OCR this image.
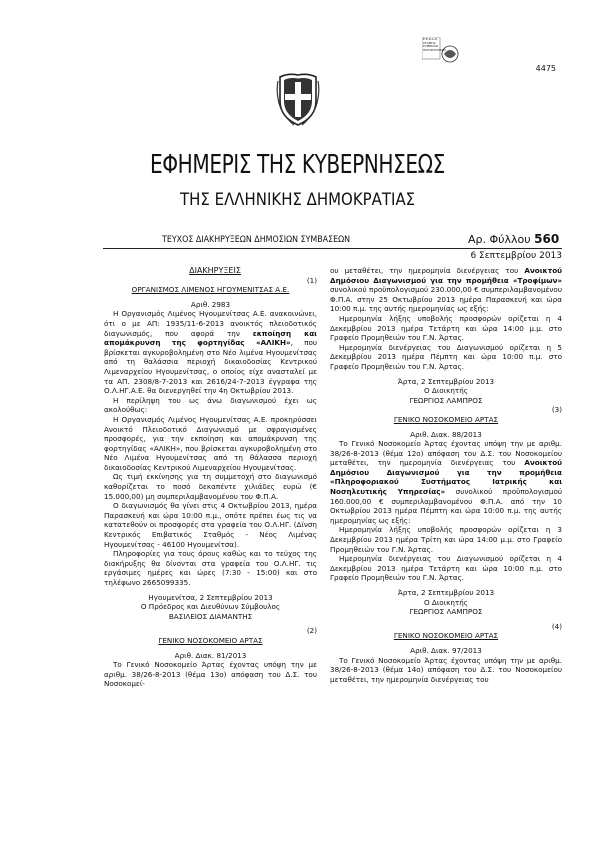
Ε.Ε.Κ.Α.Π.
ΣΤΑΜΠΑ
ΣΥΜΒΟΛΟ
ΠΙΣΤΟΠΟΙΗΣΗΣ
4475
ΕΦΗΜΕΡΙΣ ΤΗΣ ΚΥΒΕΡΝΗΣΕΩΣ
ΤΗΣ ΕΛΛΗΝΙΚΗΣ ΔΗΜΟΚΡΑΤΙΑΣ
ΤΕΥΧΟΣ ΔΙΑΚΗΡΥΞΕΩΝ ΔΗΜΟΣΙΩΝ ΣΥΜΒΑΣΕΩΝ	Αρ. Φύλλου 560
6 Σεπτεμβρίου 2013

ΔΙΑΚΗΡΥΞΕΙΣ

(1)

ΟΡΓΑΝΙΣΜΟΣ ΛΙΜΕΝΟΣ ΗΓΟΥΜΕΝΙΤΣΑΣ Α.Ε.

Αριθ. 2983

Η Οργανισμός Λιμένος Ηγουμενίτσας Α.Ε. ανακοινώνει, ότι ο με ΑΠ: 1935/11-6-2013 ανοικτός πλειοδοτικός διαγωνισμός, που αφορά την εκποίηση και απομάκρυνση της φορτηγίδας «ΑΛΙΚΗ», που βρίσκεται αγκυροβολημένη στο Νέο λιμένα Ηγουμενίτσας από τη θαλάσσια περιοχή δικαιοδοσίας Κεντρικού Λιμεναρχείου Ηγουμενίτσας, ο οποίος είχε ανασταλεί με τα ΑΠ. 2308/8-7-2013 και 2616/24-7-2013 έγγραφα της Ο.Λ.ΗΓ.Α.Ε. θα διενεργηθεί την 4η Οκτωβρίου 2013.

Η περίληψη του ως άνω διαγωνισμού έχει ως ακολούθως:

Η Οργανισμός Λιμένος Ηγουμενίτσας Α.Ε. προκηρύσσει Ανοικτό Πλειοδοτικό Διαγωνισμό με σφραγισμένες προσφορές, για την εκποίηση και απομάκρυνση της φορτηγίδας «ΑΛΙΚΗ», που βρίσκεται αγκυροβολημένη στο Νέο Λιμένα Ηγουμενίτσας από τη θάλασσα περιοχή δικαιοδοσίας Κεντρικού Λιμεναρχείου Ηγουμενίτσας.

Ως τιμή εκκίνησης για τη συμμετοχή στο διαγωνισμό καθορίζεται το ποσό δεκαπέντε χιλιάδες ευρώ (€ 15.000,00) μη συμπεριλαμβανομένου του Φ.Π.Α.

Ο διαγωνισμός θα γίνει στις 4 Οκτωβρίου 2013, ημέρα Παρασκευή και ώρα 10:00 π.μ., οπότε πρέπει έως τις να κατατεθούν οι προσφορές στα γραφεία του Ο.Λ.ΗΓ. (Δίνση Κεντρικός Επιβατικός Σταθμός - Νέος Λιμένας Ηγουμενίτσας - 46100 Ηγουμενίτσα).

Πληροφορίες για τους όρους καθώς και το τεύχος της διακήρυξης θα δίνονται στα γραφεία του Ο.Λ.ΗΓ. τις εργάσιμες ημέρες και ώρες (7:30 - 15:00) και στο τηλέφωνο 2665099335.

Ηγουμενίτσα, 2 Σεπτεμβρίου 2013

Ο Πρόεδρος και Διευθύνων Σύμβουλος

ΒΑΣΙΛΕΙΟΣ ΔΙΑΜΑΝΤΗΣ

(2)

ΓΕΝΙΚΟ ΝΟΣΟΚΟΜΕΙΟ ΑΡΤΑΣ

Αριθ. Διακ. 81/2013

Το Γενικό Νοσοκομείο Άρτας έχοντας υπόψη την με αριθμ. 38/26-8-2013 (θέμα 13ο) απόφαση του Δ.Σ. του Νοσοκομεί-

ου μεταθέτει, την ημερομηνία διενέργειας του Ανοικτού Δημόσιου Διαγωνισμού για την προμήθεια «Τροφίμων» συνολικού προϋπολογισμού 230.000,00 € συμπεριλαμβανομένου Φ.Π.Α. στην 25 Οκτωβρίου 2013 ημέρα Παρασκευή και ώρα 10:00 π.μ. της αυτής ημερομηνίας ως εξής:

Ημερομηνία λήξης υποβολής προσφορών ορίζεται η 4 Δεκεμβρίου 2013 ημέρα Τετάρτη και ώρα 14:00 μ.μ. στο Γραφείο Προμηθειών του Γ.Ν. Άρτας.

Ημερομηνία διενέργειας του Διαγωνισμού ορίζεται η 5 Δεκεμβρίου 2013 ημέρα Πέμπτη και ώρα 10:00 π.μ. στο Γραφείο Προμηθειών του Γ.Ν. Άρτας.

Άρτα, 2 Σεπτεμβρίου 2013

Ο Διοικητής

ΓΕΩΡΓΙΟΣ ΛΑΜΠΡΟΣ

(3)

ΓΕΝΙΚΟ ΝΟΣΟΚΟΜΕΙΟ ΑΡΤΑΣ

Αριθ. Διακ. 88/2013

Το Γενικό Νοσοκομείο Άρτας έχοντας υπόψη την με αριθμ. 38/26-8-2013 (θέμα 12ο) απόφαση του Δ.Σ. του Νοσοκομείου μεταθέτει, την ημερομηνία διενέργειας του Ανοικτού Δημόσιου Διαγωνισμού για την προμήθεια «Πληροφοριακού Συστήματος Ιατρικής και Νοσηλευτικής Υπηρεσίας» συνολικού προϋπολογισμού 160.000,00 € συμπεριλαμβανομένου Φ.Π.Α. από την 10 Οκτωβρίου 2013 ημέρα Πέμπτη και ώρα 10:00 π.μ. της αυτής ημερομηνίας ως εξής:

Ημερομηνία λήξης υποβολής προσφορών ορίζεται η 3 Δεκεμβρίου 2013 ημέρα Τρίτη και ώρα 14:00 μ.μ. στο Γραφείο Προμηθειών του Γ.Ν. Άρτας.

Ημερομηνία διενέργειας του Διαγωνισμού ορίζεται η 4 Δεκεμβρίου 2013 ημέρα Τετάρτη και ώρα 10:00 π.μ. στο Γραφείο Προμηθειών του Γ.Ν. Άρτας.

Άρτα, 2 Σεπτεμβρίου 2013

Ο Διοικητής

ΓΕΩΡΓΙΟΣ ΛΑΜΠΡΟΣ

(4)

ΓΕΝΙΚΟ ΝΟΣΟΚΟΜΕΙΟ ΑΡΤΑΣ

Αριθ. Διακ. 97/2013

Το Γενικό Νοσοκομείο Άρτας έχοντας υπόψη την με αριθμ. 38/26-8-2013 (θέμα 14ο) απόφαση του Δ.Σ. του Νοσοκομείου μεταθέτει, την ημερομηνία διενέργειας του
